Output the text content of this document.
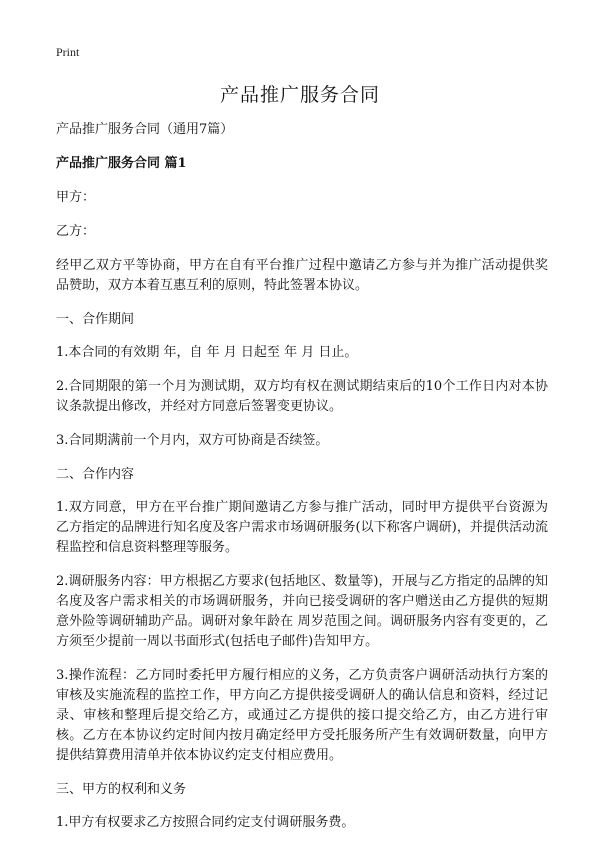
Print
产品推广服务合同

产品推广服务合同（通用7篇）

产品推广服务合同 篇1

甲方：

乙方：

经甲乙双方平等协商，甲方在自有平台推广过程中邀请乙方参与并为推广活动提供奖品赞助，双方本着互惠互利的原则，特此签署本协议。

一、合作期间

1.本合同的有效期 年，自 年 月 日起至 年 月 日止。

2.合同期限的第一个月为测试期，双方均有权在测试期结束后的10个工作日内对本协议条款提出修改，并经对方同意后签署变更协议。

3.合同期满前一个月内，双方可协商是否续签。

二、合作内容

1.双方同意，甲方在平台推广期间邀请乙方参与推广活动，同时甲方提供平台资源为乙方指定的品牌进行知名度及客户需求市场调研服务(以下称客户调研)，并提供活动流程监控和信息资料整理等服务。

2.调研服务内容：甲方根据乙方要求(包括地区、数量等)，开展与乙方指定的品牌的知名度及客户需求相关的市场调研服务，并向已接受调研的客户赠送由乙方提供的短期意外险等调研辅助产品。调研对象年龄在 周岁范围之间。调研服务内容有变更的，乙方须至少提前一周以书面形式(包括电子邮件)告知甲方。

3.操作流程：乙方同时委托甲方履行相应的义务，乙方负责客户调研活动执行方案的审核及实施流程的监控工作，甲方向乙方提供接受调研人的确认信息和资料，经过记录、审核和整理后提交给乙方，或通过乙方提供的接口提交给乙方，由乙方进行审核。乙方在本协议约定时间内按月确定经甲方受托服务所产生有效调研数量，向甲方提供结算费用清单并依本协议约定支付相应费用。

三、甲方的权利和义务

1.甲方有权要求乙方按照合同约定支付调研服务费。
